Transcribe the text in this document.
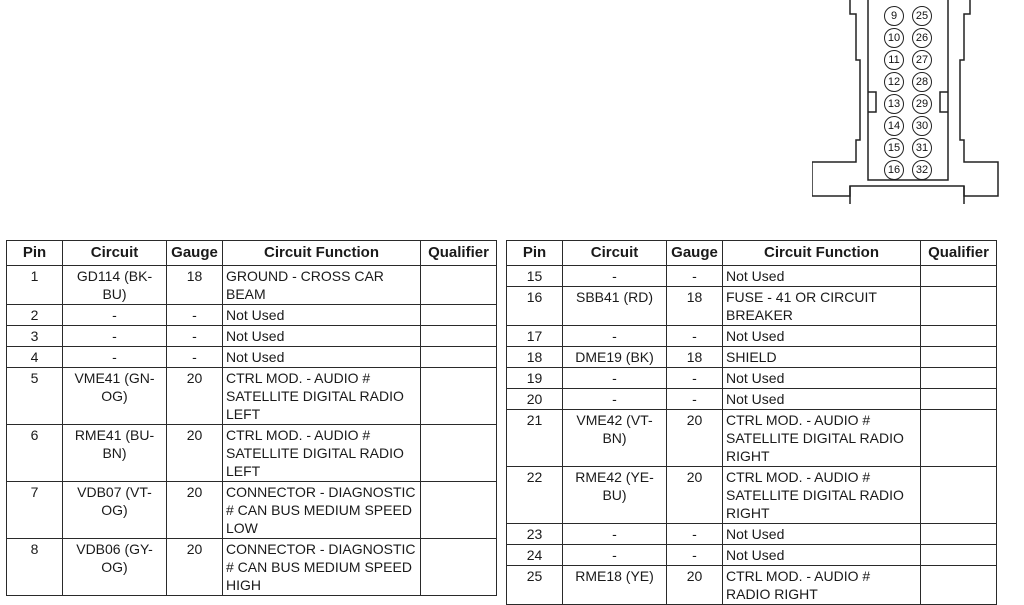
9	25
10	26
11	27
12	28
13	29
14	30
15	31
16	32
Pin	Circuit	Gauge	Circuit Function	Qualifier
1	GD114 (BK-BU)	18	GROUND - CROSS CAR BEAM	
2	-	-	Not Used	
3	-	-	Not Used	
4	-	-	Not Used	
5	VME41 (GN-OG)	20	CTRL MOD. - AUDIO # SATELLITE DIGITAL RADIO LEFT	
6	RME41 (BU-BN)	20	CTRL MOD. - AUDIO # SATELLITE DIGITAL RADIO LEFT	
7	VDB07 (VT-OG)	20	CONNECTOR - DIAGNOSTIC # CAN BUS MEDIUM SPEED LOW	
8	VDB06 (GY-OG)	20	CONNECTOR - DIAGNOSTIC # CAN BUS MEDIUM SPEED HIGH	
Pin	Circuit	Gauge	Circuit Function	Qualifier
15	-	-	Not Used	
16	SBB41 (RD)	18	FUSE - 41 OR CIRCUIT BREAKER	
17	-	-	Not Used	
18	DME19 (BK)	18	SHIELD	
19	-	-	Not Used	
20	-	-	Not Used	
21	VME42 (VT-BN)	20	CTRL MOD. - AUDIO # SATELLITE DIGITAL RADIO RIGHT	
22	RME42 (YE-BU)	20	CTRL MOD. - AUDIO # SATELLITE DIGITAL RADIO RIGHT	
23	-	-	Not Used	
24	-	-	Not Used	
25	RME18 (YE)	20	CTRL MOD. - AUDIO # RADIO RIGHT	
